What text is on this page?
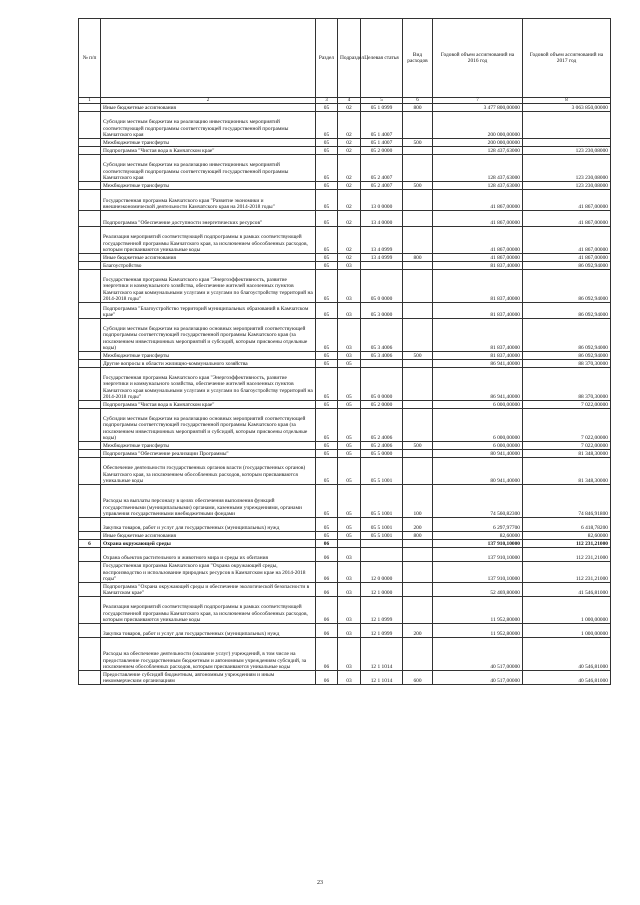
№ п/п		Раздел	Подраздел	Целевая статья	Вид расходов	Годовой объем ассигнований на 2016 год	Годовой объем ассигнований на 2017 год
1	2	3	4	5	6	7	8
	Иные бюджетные ассигнования	05	02	05 1 0999	800	3 477 800,00000	3 063 850,00000
	Субсидии местным бюджетам на реализацию инвестиционных мероприятий соответствующей подпрограммы соответствующей государственной программы Камчатского края	05	02	05 1 4007		200 000,00000	
	Межбюджетные трансферты	05	02	05 1 4007	500	200 000,00000	
	Подпрограмма "Чистая вода в Камчатском крае"	05	02	05 2 0000		128 437,63000	123 230,08000
	Субсидии местным бюджетам на реализацию инвестиционных мероприятий соответствующей подпрограммы соответствующей государственной программы Камчатского края	05	02	05 2 4007		128 437,63000	123 230,08000
	Межбюджетные трансферты	05	02	05 2 4007	500	128 437,63000	123 230,08000
	Государственная программа Камчатского края "Развитие экономики и внешнеэкономической деятельности Камчатского края на 2014-2018 годы"	05	02	13 0 0000		41 867,00000	41 867,00000
	Подпрограмма "Обеспечение доступности энергетических ресурсов"	05	02	13 4 0000		41 867,00000	41 867,00000
	Реализация мероприятий соответствующей подпрограммы в рамках соответствующей государственной программы Камчатского края, за исключением обособленных расходов, которым присваиваются уникальные коды	05	02	13 4 0999		41 867,00000	41 867,00000
	Иные бюджетные ассигнования	05	02	13 4 0999	800	41 867,00000	41 867,00000
	Благоустройство	05	03			81 837,40000	86 092,94000
	Государственная программа Камчатского края "Энергоэффективность, развитие энергетики и коммунального хозяйства, обеспечение жителей населенных пунктов Камчатского края коммунальными услугами и услугами по благоустройству территорий на 2014-2018 годы"	05	03	05 0 0000		81 837,40000	86 092,94000
	Подпрограмма "Благоустройство территорий муниципальных образований в Камчатском крае"	05	03	05 3 0000		81 837,40000	86 092,94000
	Субсидии местным бюджетам на реализацию основных мероприятий соответствующей подпрограммы соответствующей государственной программы Камчатского края (за исключением инвестиционных мероприятий и субсидий, которым присвоены отдельные коды)	05	03	05 3 4006		81 837,40000	86 092,94000
	Межбюджетные трансферты	05	03	05 3 4006	500	81 837,40000	86 092,94000
	Другие вопросы в области жилищно-коммунального хозяйства	05	05			86 941,40000	88 370,30000
	Государственная программа Камчатского края "Энергоэффективность, развитие энергетики и коммунального хозяйства, обеспечение жителей населенных пунктов Камчатского края коммунальными услугами и услугами по благоустройству территорий на 2014-2018 годы"	05	05	05 0 0000		86 941,40000	88 370,30000
	Подпрограмма "Чистая вода в Камчатском крае"	05	05	05 2 0000		6 000,00000	7 022,00000
	Субсидии местным бюджетам на реализацию основных мероприятий соответствующей подпрограммы соответствующей государственной программы Камчатского края (за исключением инвестиционных мероприятий и субсидий, которым присвоены отдельные коды)	05	05	05 2 4006		6 000,00000	7 022,00000
	Межбюджетные трансферты	05	05	05 2 4006	500	6 000,00000	7 022,00000
	Подпрограмма "Обеспечение реализации Программы"	05	05	05 5 0000		80 941,40000	81 348,30000
	Обеспечение деятельности государственных органов власти (государственных органов) Камчатского края, за исключением обособленных расходов, которым присваиваются уникальные коды	05	05	05 5 1001		80 941,40000	81 348,30000
	Расходы на выплаты персоналу в целях обеспечения выполнения функций государственными (муниципальными) органами, казенными учреждениями, органами управления государственными внебюджетными фондами	05	05	05 5 1001	100	74 560,82300	74 846,91800
	Закупка товаров, работ и услуг для государственных (муниципальных) нужд	05	05	05 5 1001	200	6 297,97700	6 418,78200
	Иные бюджетные ассигнования	05	05	05 5 1001	800	82,60000	82,60000
6	Охрана окружающей среды	06				137 910,10000	112 231,21000
	Охрана объектов растительного и животного мира и среды их обитания	06	03			137 910,10000	112 231,21000
	Государственная программа Камчатского края "Охрана окружающей среды, воспроизводство и использование природных ресурсов в Камчатском крае на 2014-2018 годы"	06	03	12 0 0000		137 910,10000	112 231,21000
	Подпрограмма "Охрана окружающей среды и обеспечение экологической безопасности в Камчатском крае"	06	03	12 1 0000		52 469,80000	41 546,81000
	Реализация мероприятий соответствующей подпрограммы в рамках соответствующей государственной программы Камчатского края, за исключением обособленных расходов, которым присваиваются уникальные коды	06	03	12 1 0999		11 952,80000	1 000,00000
	Закупка товаров, работ и услуг для государственных (муниципальных) нужд	06	03	12 1 0999	200	11 952,80000	1 000,00000
	Расходы на обеспечение деятельности (оказание услуг) учреждений, в том числе на предоставление государственным бюджетным и автономным учреждениям субсидий, за исключением обособленных расходов, которым присваиваются уникальные коды	06	03	12 1 1014		40 517,00000	40 546,81000
	Предоставление субсидий бюджетным, автономным учреждениям и иным некоммерческим организациям	06	03	12 1 1014	600	40 517,00000	40 546,81000
23
